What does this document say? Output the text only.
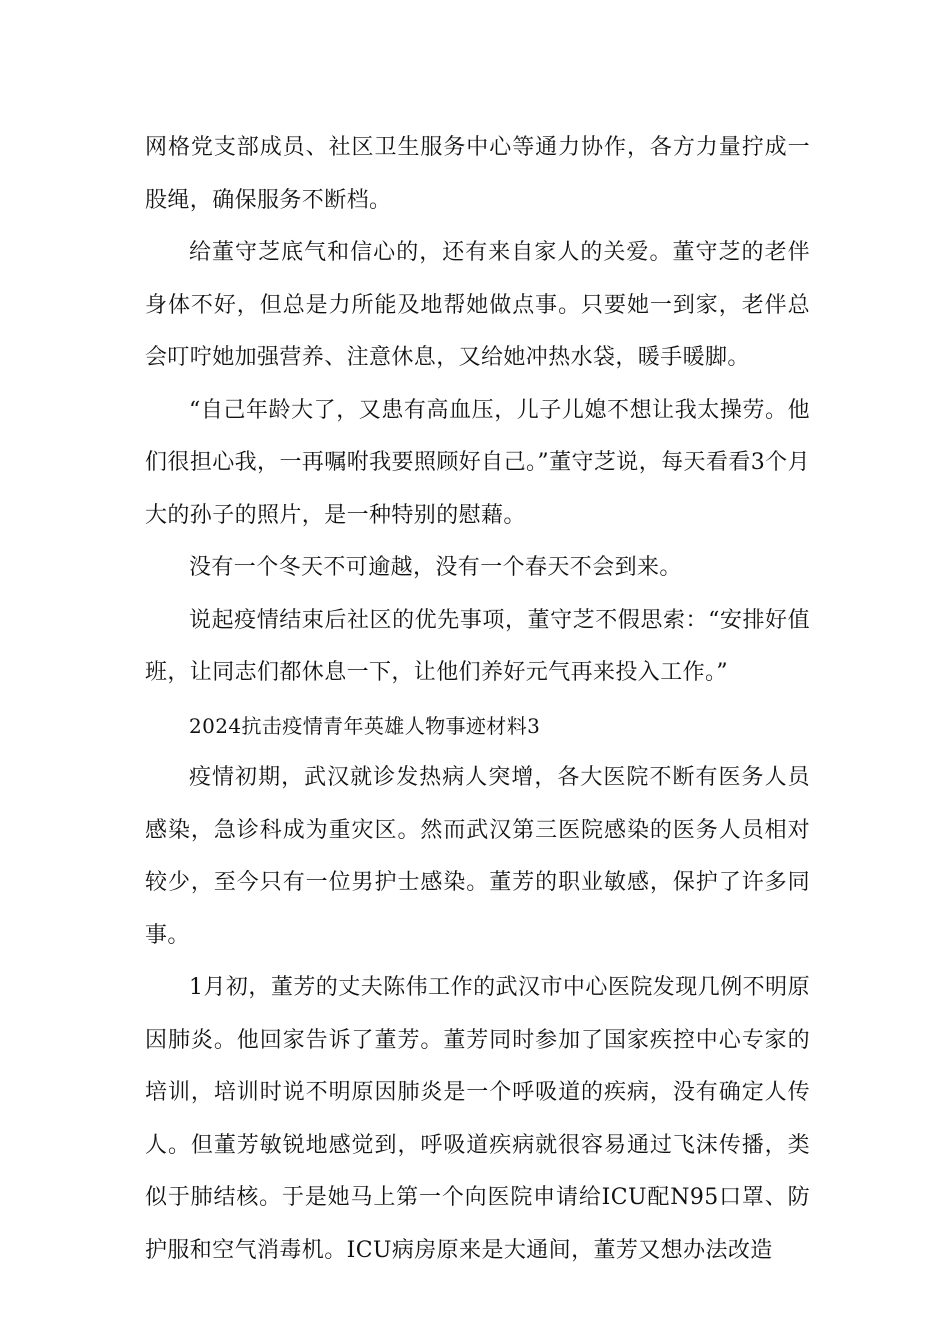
网格党支部成员、社区卫生服务中心等通力协作，各方力量拧成一股绳，确保服务不断档。

给董守芝底气和信心的，还有来自家人的关爱。董守芝的老伴身体不好，但总是力所能及地帮她做点事。只要她一到家，老伴总会叮咛她加强营养、注意休息，又给她冲热水袋，暖手暖脚。

“自己年龄大了，又患有高血压，儿子儿媳不想让我太操劳。他们很担心我，一再嘱咐我要照顾好自己。”董守芝说，每天看看3个月大的孙子的照片，是一种特别的慰藉。

没有一个冬天不可逾越，没有一个春天不会到来。

说起疫情结束后社区的优先事项，董守芝不假思索：“安排好值班，让同志们都休息一下，让他们养好元气再来投入工作。”

2024抗击疫情青年英雄人物事迹材料3

疫情初期，武汉就诊发热病人突增，各大医院不断有医务人员感染，急诊科成为重灾区。然而武汉第三医院感染的医务人员相对较少，至今只有一位男护士感染。董芳的职业敏感，保护了许多同事。

1月初，董芳的丈夫陈伟工作的武汉市中心医院发现几例不明原因肺炎。他回家告诉了董芳。董芳同时参加了国家疾控中心专家的培训，培训时说不明原因肺炎是一个呼吸道的疾病，没有确定人传人。但董芳敏锐地感觉到，呼吸道疾病就很容易通过飞沫传播，类似于肺结核。于是她马上第一个向医院申请给ICU配N95口罩、防护服和空气消毒机。ICU病房原来是大通间，董芳又想办法改造
